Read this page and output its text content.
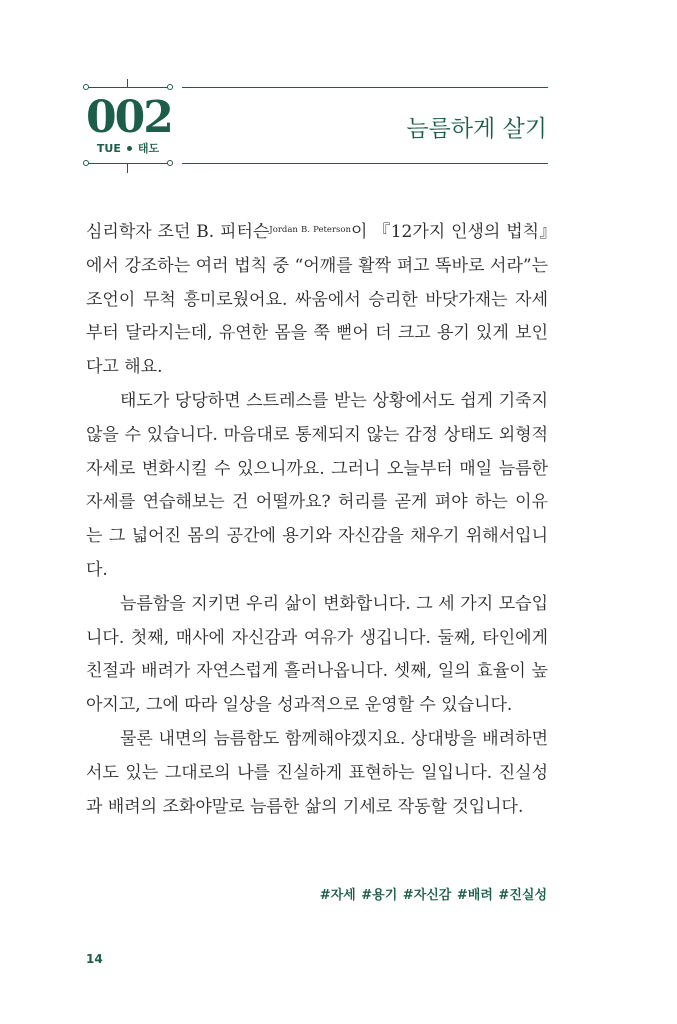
002
TUE 태도
늠름하게 살기

심리학자 조던 B. 피터슨$^{Jordan B. Peterson}$이 『12가지 인생의 법칙』에서 강조하는 여러 법칙 중 “어깨를 활짝 펴고 똑바로 서라”는 조언이 무척 흥미로웠어요. 싸움에서 승리한 바닷가재는 자세부터 달라지는데, 유연한 몸을 쭉 뻗어 더 크고 용기 있게 보인다고 해요.

태도가 당당하면 스트레스를 받는 상황에서도 쉽게 기죽지 않을 수 있습니다. 마음대로 통제되지 않는 감정 상태도 외형적 자세로 변화시킬 수 있으니까요. 그러니 오늘부터 매일 늠름한 자세를 연습해보는 건 어떨까요? 허리를 곧게 펴야 하는 이유는 그 넓어진 몸의 공간에 용기와 자신감을 채우기 위해서입니다.

늠름함을 지키면 우리 삶이 변화합니다. 그 세 가지 모습입니다. 첫째, 매사에 자신감과 여유가 생깁니다. 둘째, 타인에게 친절과 배려가 자연스럽게 흘러나옵니다. 셋째, 일의 효율이 높아지고, 그에 따라 일상을 성과적으로 운영할 수 있습니다.

물론 내면의 늠름함도 함께해야겠지요. 상대방을 배려하면서도 있는 그대로의 나를 진실하게 표현하는 일입니다. 진실성과 배려의 조화야말로 늠름한 삶의 기세로 작동할 것입니다.

#자세 #용기 #자신감 #배려 #진실성
14
